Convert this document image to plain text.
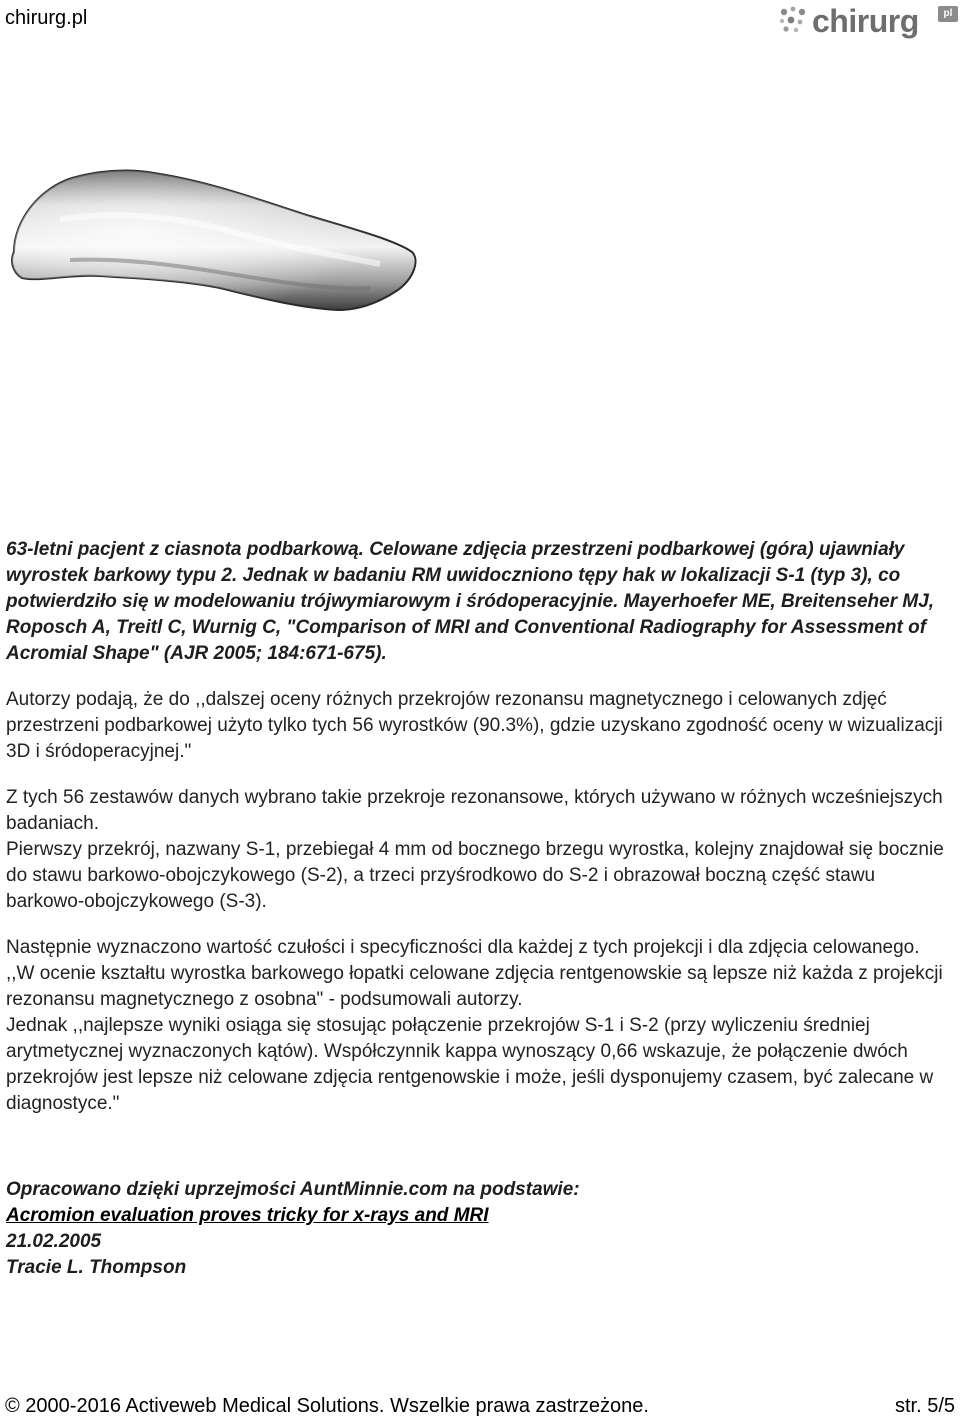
chirurg.pl	chirurg	pl

63-letni pacjent z ciasnota podbarkową. Celowane zdjęcia przestrzeni podbarkowej (góra) ujawniały wyrostek barkowy typu 2. Jednak w badaniu RM uwidoczniono tępy hak w lokalizacji S-1 (typ 3), co potwierdziło się w modelowaniu trójwymiarowym i śródoperacyjnie. Mayerhoefer ME, Breitenseher MJ, Roposch A, Treitl C, Wurnig C, "Comparison of MRI and Conventional Radiography for Assessment of Acromial Shape" (AJR 2005; 184:671-675).

Autorzy podają, że do ,,dalszej oceny różnych przekrojów rezonansu magnetycznego i celowanych zdjęć przestrzeni podbarkowej użyto tylko tych 56 wyrostków (90.3%), gdzie uzyskano zgodność oceny w wizualizacji 3D i śródoperacyjnej."

Z tych 56 zestawów danych wybrano takie przekroje rezonansowe, których używano w różnych wcześniejszych badaniach.

Pierwszy przekrój, nazwany S-1, przebiegał 4 mm od bocznego brzegu wyrostka, kolejny znajdował się bocznie do stawu barkowo-obojczykowego (S-2), a trzeci przyśrodkowo do S-2 i obrazował boczną część stawu barkowo-obojczykowego (S-3).

Następnie wyznaczono wartość czułości i specyficzności dla każdej z tych projekcji i dla zdjęcia celowanego.

,,W ocenie kształtu wyrostka barkowego łopatki celowane zdjęcia rentgenowskie są lepsze niż każda z projekcji rezonansu magnetycznego z osobna" - podsumowali autorzy.

Jednak ,,najlepsze wyniki osiąga się stosując połączenie przekrojów S-1 i S-2 (przy wyliczeniu średniej arytmetycznej wyznaczonych kątów). Współczynnik kappa wynoszący 0,66 wskazuje, że połączenie dwóch przekrojów jest lepsze niż celowane zdjęcia rentgenowskie i może, jeśli dysponujemy czasem, być zalecane w diagnostyce."

Opracowano dzięki uprzejmości AuntMinnie.com na podstawie:

Acromion evaluation proves tricky for x-rays and MRI

21.02.2005

Tracie L. Thompson

© 2000-2016 Activeweb Medical Solutions. Wszelkie prawa zastrzeżone.	str. 5/5
